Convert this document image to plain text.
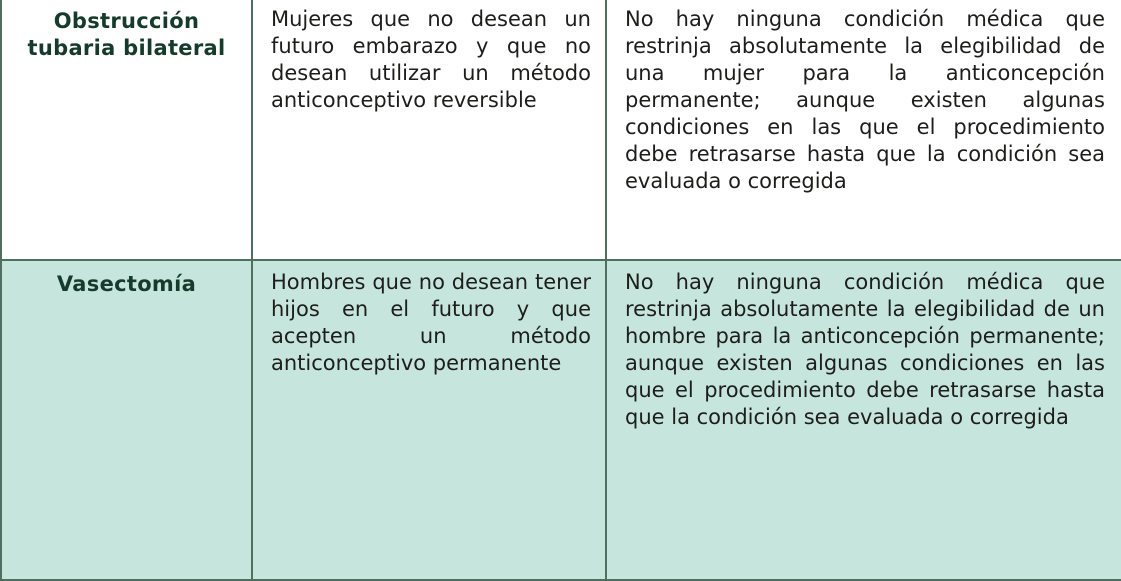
Obstrucción tubaria bilateral	Mujeres que no desean un futuro embarazo y que no desean utilizar un método anticonceptivo reversible	No hay ninguna condición médica que restrinja absolutamente la elegibilidad de una mujer para la anticoncepción permanente; aunque existen algunas condiciones en las que el procedimiento debe retrasarse hasta que la condición sea evaluada o corregida
Vasectomía	Hombres que no desean tener hijos en el futuro y que acepten un método anticonceptivo permanente	No hay ninguna condición médica que restrinja absolutamente la elegibilidad de un hombre para la anticoncepción permanente; aunque existen algunas condiciones en las que el procedimiento debe retrasarse hasta que la condición sea evaluada o corregida
